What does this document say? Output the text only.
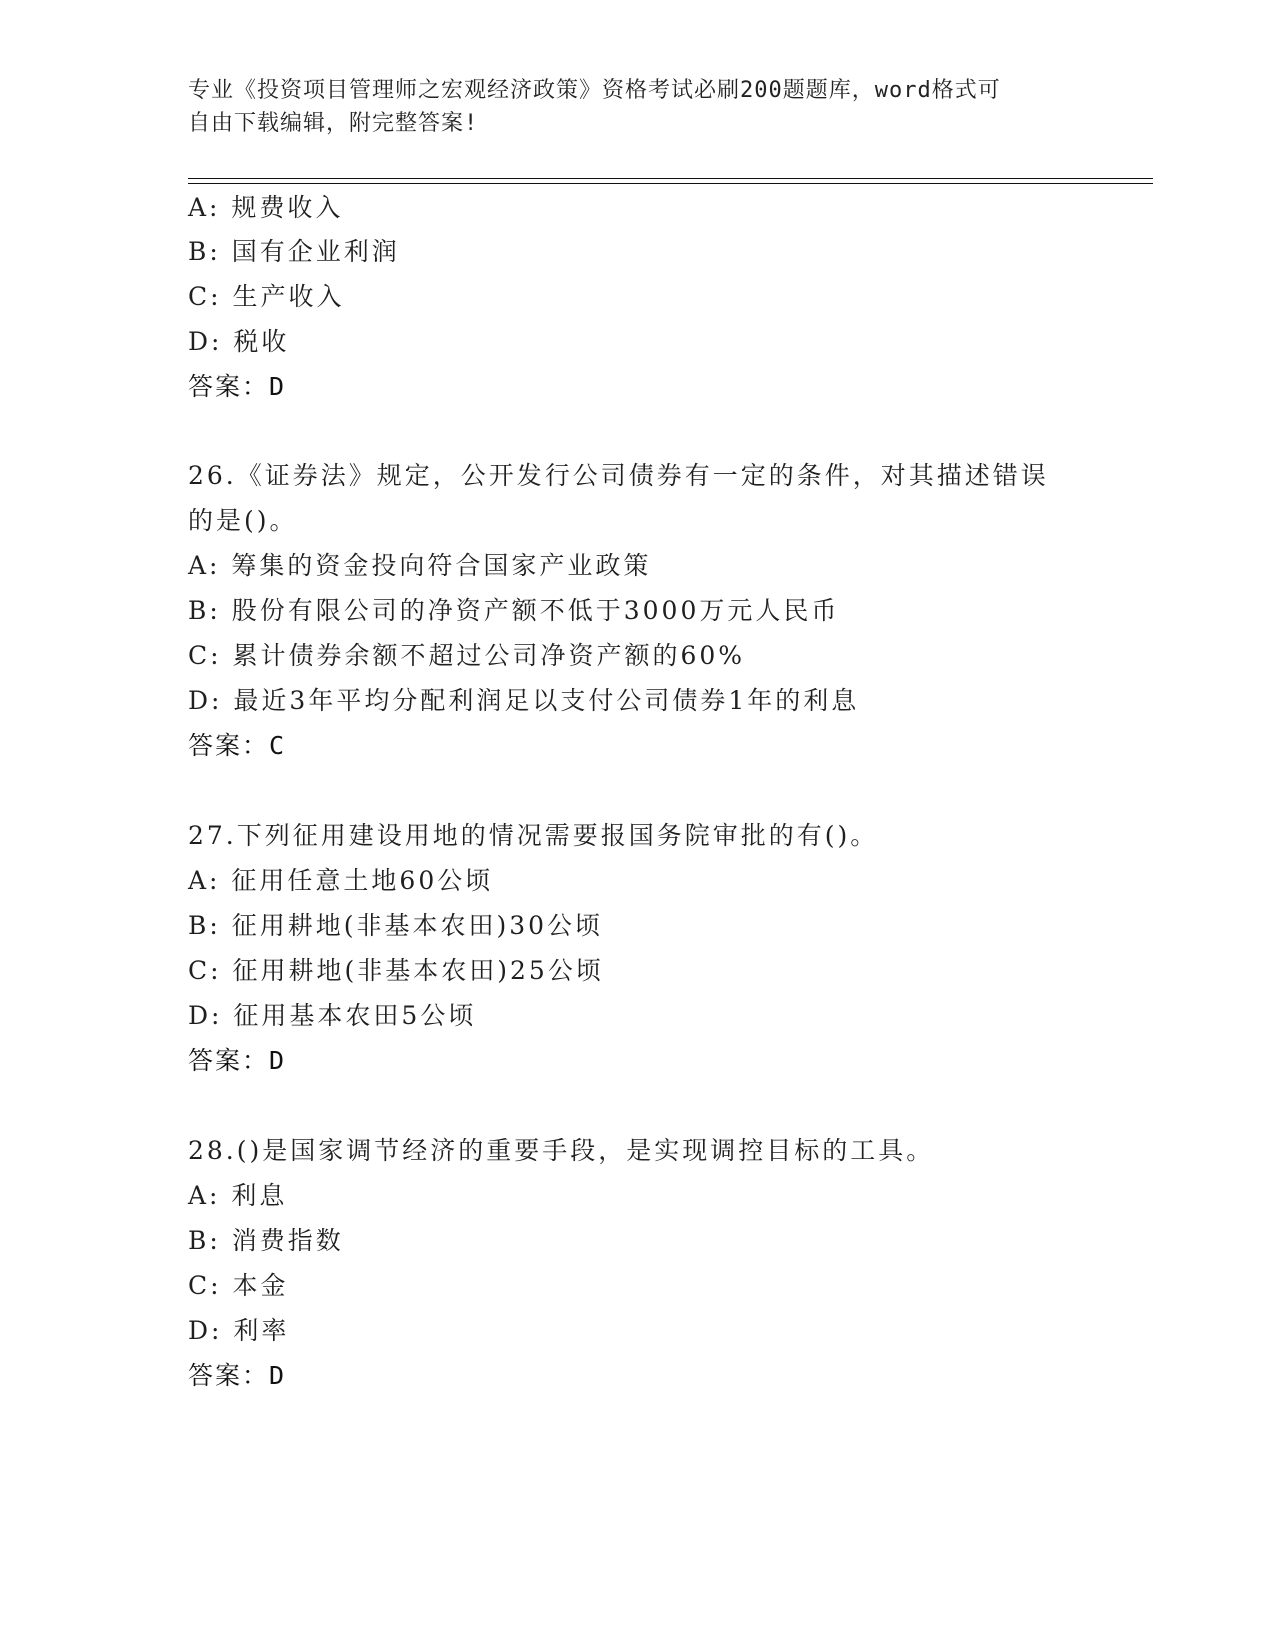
专业《投资项目管理师之宏观经济政策》资格考试必刷200题题库，word格式可
自由下载编辑，附完整答案!
A: 规费收入
B: 国有企业利润
C: 生产收入
D: 税收
答案：D
26.《证券法》规定，公开发行公司债券有一定的条件，对其描述错误
的是()。
A: 筹集的资金投向符合国家产业政策
B: 股份有限公司的净资产额不低于3000万元人民币
C: 累计债券余额不超过公司净资产额的60%
D: 最近3年平均分配利润足以支付公司债券1年的利息
答案：C
27.下列征用建设用地的情况需要报国务院审批的有()。
A: 征用任意土地60公顷
B: 征用耕地(非基本农田)30公顷
C: 征用耕地(非基本农田)25公顷
D: 征用基本农田5公顷
答案：D
28.()是国家调节经济的重要手段，是实现调控目标的工具。
A: 利息
B: 消费指数
C: 本金
D: 利率
答案：D
